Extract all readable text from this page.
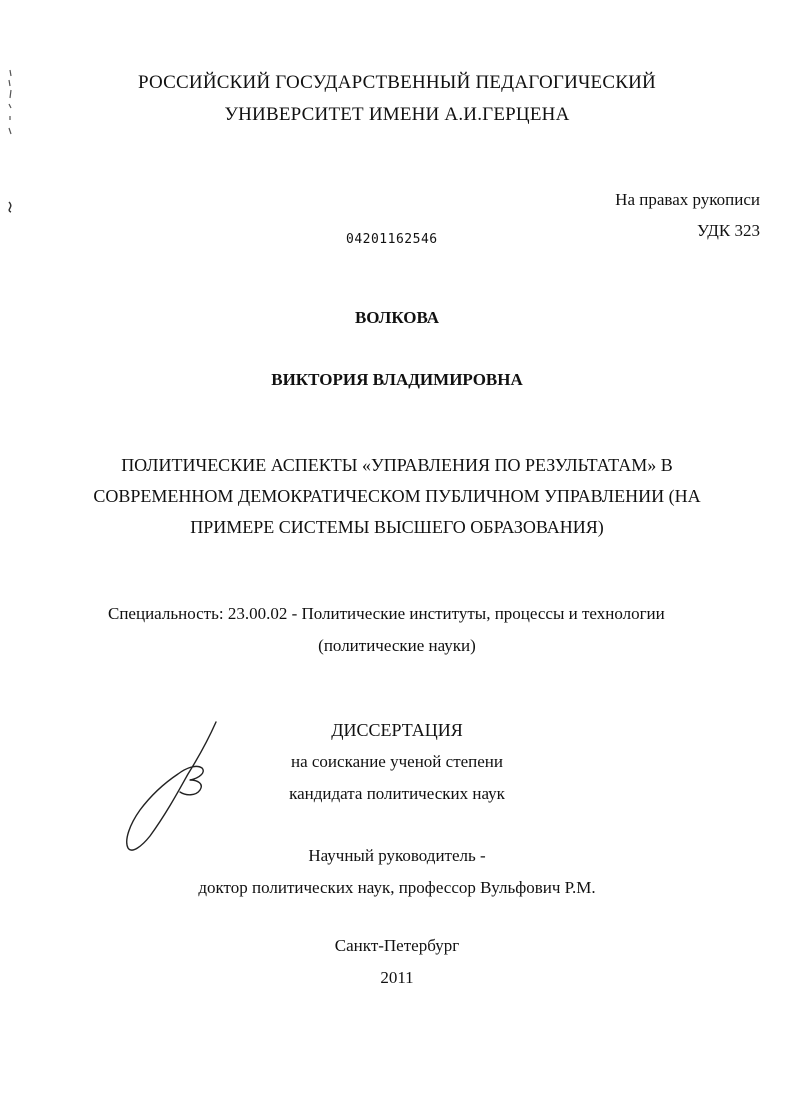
РОССИЙСКИЙ ГОСУДАРСТВЕННЫЙ ПЕДАГОГИЧЕСКИЙ
УНИВЕРСИТЕТ ИМЕНИ А.И.ГЕРЦЕНА
На правах рукописи
УДК 323
04201162546
ВОЛКОВА
ВИКТОРИЯ ВЛАДИМИРОВНА
ПОЛИТИЧЕСКИЕ АСПЕКТЫ «УПРАВЛЕНИЯ ПО РЕЗУЛЬТАТАМ» В
СОВРЕМЕННОМ ДЕМОКРАТИЧЕСКОМ ПУБЛИЧНОМ УПРАВЛЕНИИ (НА
ПРИМЕРЕ СИСТЕМЫ ВЫСШЕГО ОБРАЗОВАНИЯ)
Специальность: 23.00.02 - Политические институты, процессы и технологии
(политические науки)
ДИССЕРТАЦИЯ
на соискание ученой степени
кандидата политических наук
Научный руководитель -
доктор политических наук, профессор Вульфович Р.М.
Санкт-Петербург
2011
